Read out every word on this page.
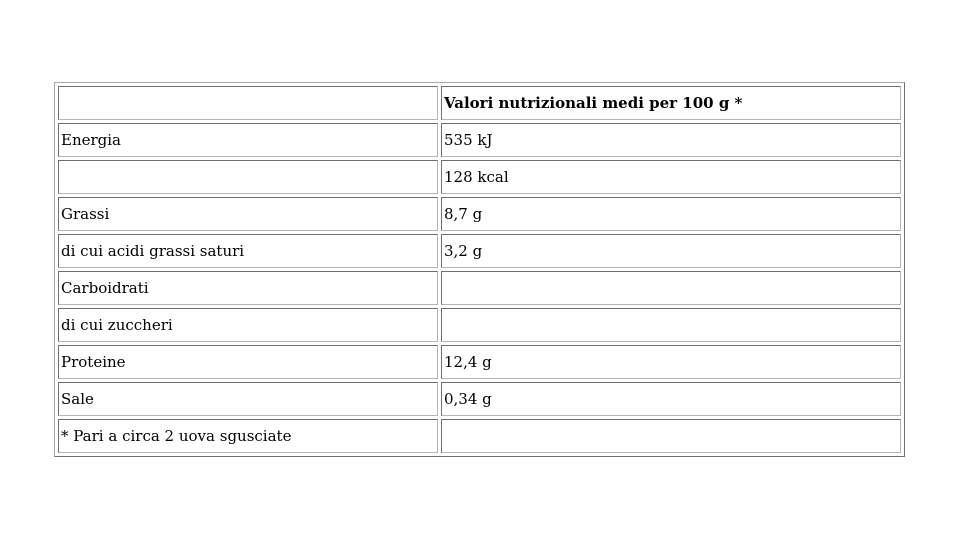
	Valori nutrizionali medi per 100 g *
Energia	535 kJ
	128 kcal
Grassi	8,7 g
di cui acidi grassi saturi	3,2 g
Carboidrati	
di cui zuccheri	
Proteine	12,4 g
Sale	0,34 g
* Pari a circa 2 uova sgusciate	
